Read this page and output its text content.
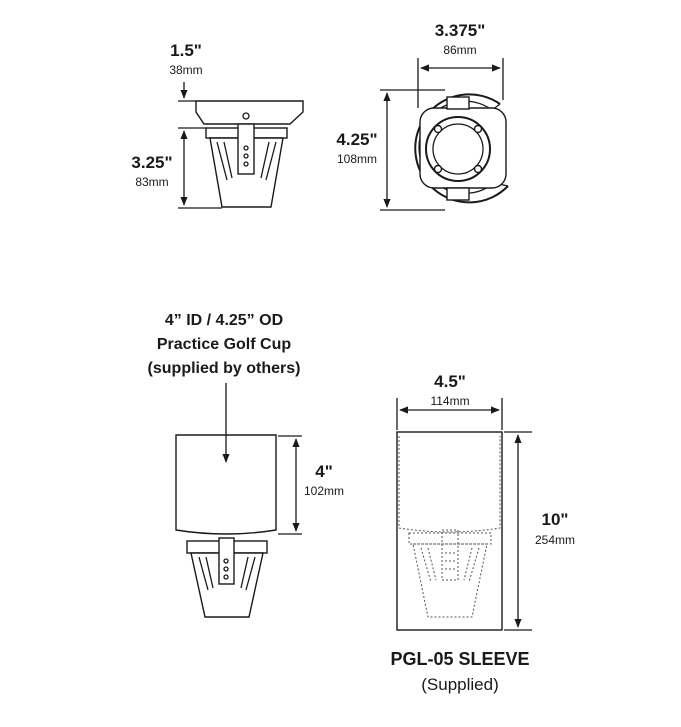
1.5"
38mm
3.25"
83mm
3.375"
86mm
4.25"
108mm
4” ID / 4.25” OD
Practice Golf Cup
(supplied by others)
4"
102mm
4.5"
114mm
10"
254mm
PGL-05 SLEEVE
(Supplied)
